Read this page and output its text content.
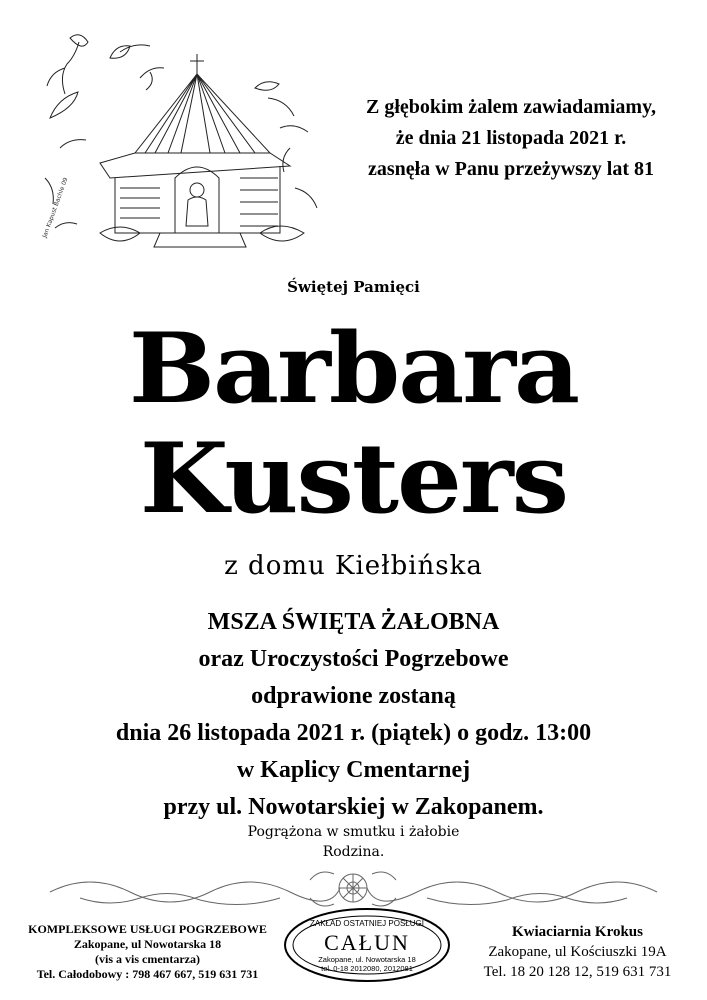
Jan Kapust Bachle 09
Z głębokim żalem zawiadamiamy,
że dnia 21 listopada 2021 r.
zasnęła w Panu przeżywszy lat 81
Świętej Pamięci
Barbara
Kusters
z domu Kiełbińska
MSZA ŚWIĘTA ŻAŁOBNA
oraz Uroczystości Pogrzebowe
odprawione zostaną
dnia 26 listopada 2021 r. (piątek) o godz. 13:00
w Kaplicy Cmentarnej
przy ul. Nowotarskiej w Zakopanem.
Pogrążona w smutku i żałobie
Rodzina.
KOMPLEKSOWE USŁUGI POGRZEBOWE
Zakopane, ul Nowotarska 18
(vis a vis cmentarza)
Tel. Całodobowy : 798 467 667, 519 631 731
ZAKŁAD OSTATNIEJ POSŁUGI
CAŁUN
Zakopane, ul. Nowotarska 18
tel. 0-18 2012080, 2012081
Kwiaciarnia Krokus
Zakopane, ul Kościuszki 19A
Tel. 18 20 128 12, 519 631 731
